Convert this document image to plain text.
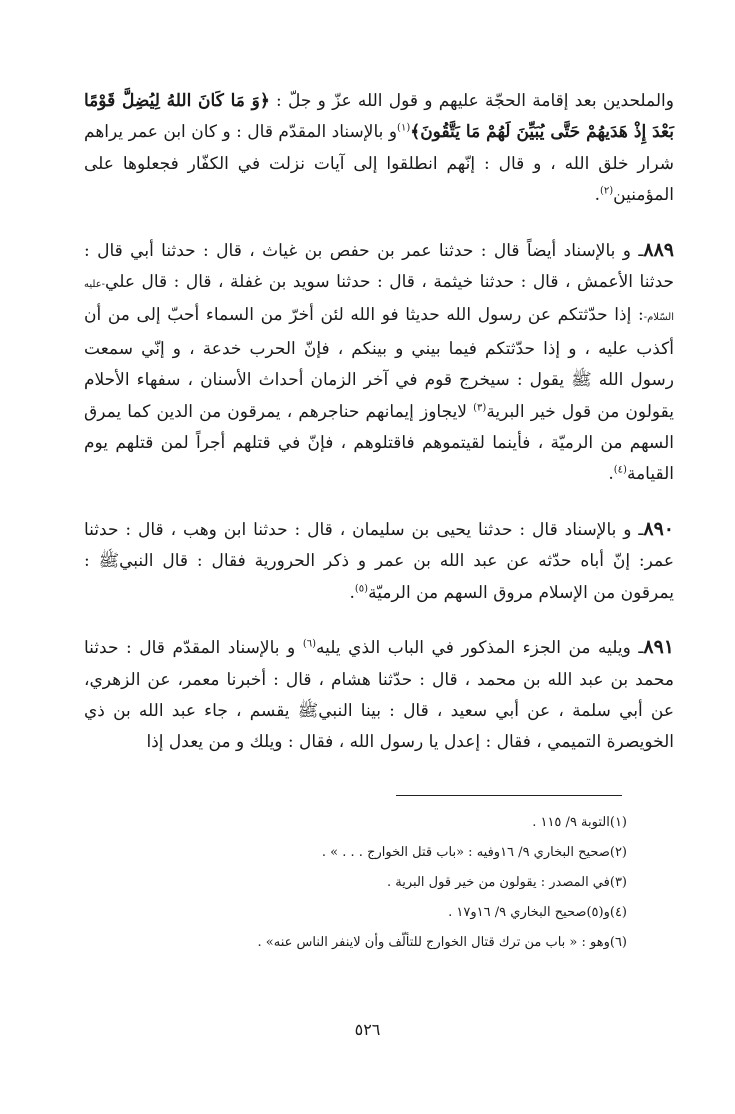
والملحدين بعد إقامة الحجّة عليهم و قول الله عزّ و جلّ : ﴿وَ مَا كَانَ اللهُ لِيُضِلَّ قَوْمًا بَعْدَ إِذْ هَدَيهُمْ حَتَّى يُبَيِّنَ لَهُمْ مَا يَتَّقُونَ﴾$^{(١)}$و بالإسناد المقدّم قال : و كان ابن عمر يراهم شرار خلق الله ، و قال : إنّهم انطلقوا إلى آيات نزلت في الكفّار فجعلوها على المؤمنين$^{(٢)}$.

٨٨٩ـ و بالإسناد أيضاً قال : حدثنا عمر بن حفص بن غياث ، قال : حدثنا أبي قال : حدثنا الأعمش ، قال : حدثنا خيثمة ، قال : حدثنا سويد بن غفلة ، قال : قال علي-عليه السّلام-: إذا حدّثتكم عن رسول الله حديثا فو الله لئن أخرّ من السماء أحبّ إلى من أن أكذب عليه ، و إذا حدّثتكم فيما بيني و بينكم ، فإنّ الحرب خدعة ، و إنّي سمعت رسول الله ﷺ يقول : سيخرج قوم في آخر الزمان أحداث الأسنان ، سفهاء الأحلام يقولون من قول خير البرية$^{(٣)}$ لايجاوز إيمانهم حناجرهم ، يمرقون من الدين كما يمرق السهم من الرميّة ، فأينما لقيتموهم فاقتلوهم ، فإنّ في قتلهم أجراً لمن قتلهم يوم القيامة$^{(٤)}$.

٨٩٠ـ و بالإسناد قال : حدثنا يحيى بن سليمان ، قال : حدثنا ابن وهب ، قال : حدثنا عمر: إنّ أباه حدّثه عن عبد الله بن عمر و ذكر الحرورية فقال : قال النبيﷺ : يمرقون من الإسلام مروق السهم من الرميّة$^{(٥)}$.

٨٩١ـ ويليه من الجزء المذكور في الباب الذي يليه$^{(٦)}$ و بالإسناد المقدّم قال : حدثنا محمد بن عبد الله بن محمد ، قال : حدّثنا هشام ، قال : أخبرنا معمر، عن الزهري، عن أبي سلمة ، عن أبي سعيد ، قال : بينا النبيﷺ يقسم ، جاء عبد الله بن ذي الخويصرة التميمي ، فقال : إعدل يا رسول الله ، فقال : ويلك و من يعدل إذا

(١)التوبة ٩/ ١١٥ .
(٢)صحيح البخاري ٩/ ١٦وفيه : «باب قتل الخوارج . . . » .
(٣)في المصدر : يقولون من خير قول البرية .
(٤)و(٥)صحيح البخاري ٩/ ١٦و١٧ .
(٦)وهو : « باب من ترك قتال الخوارج للتألّف وأن لاينفر الناس عنه» .
٥٢٦
